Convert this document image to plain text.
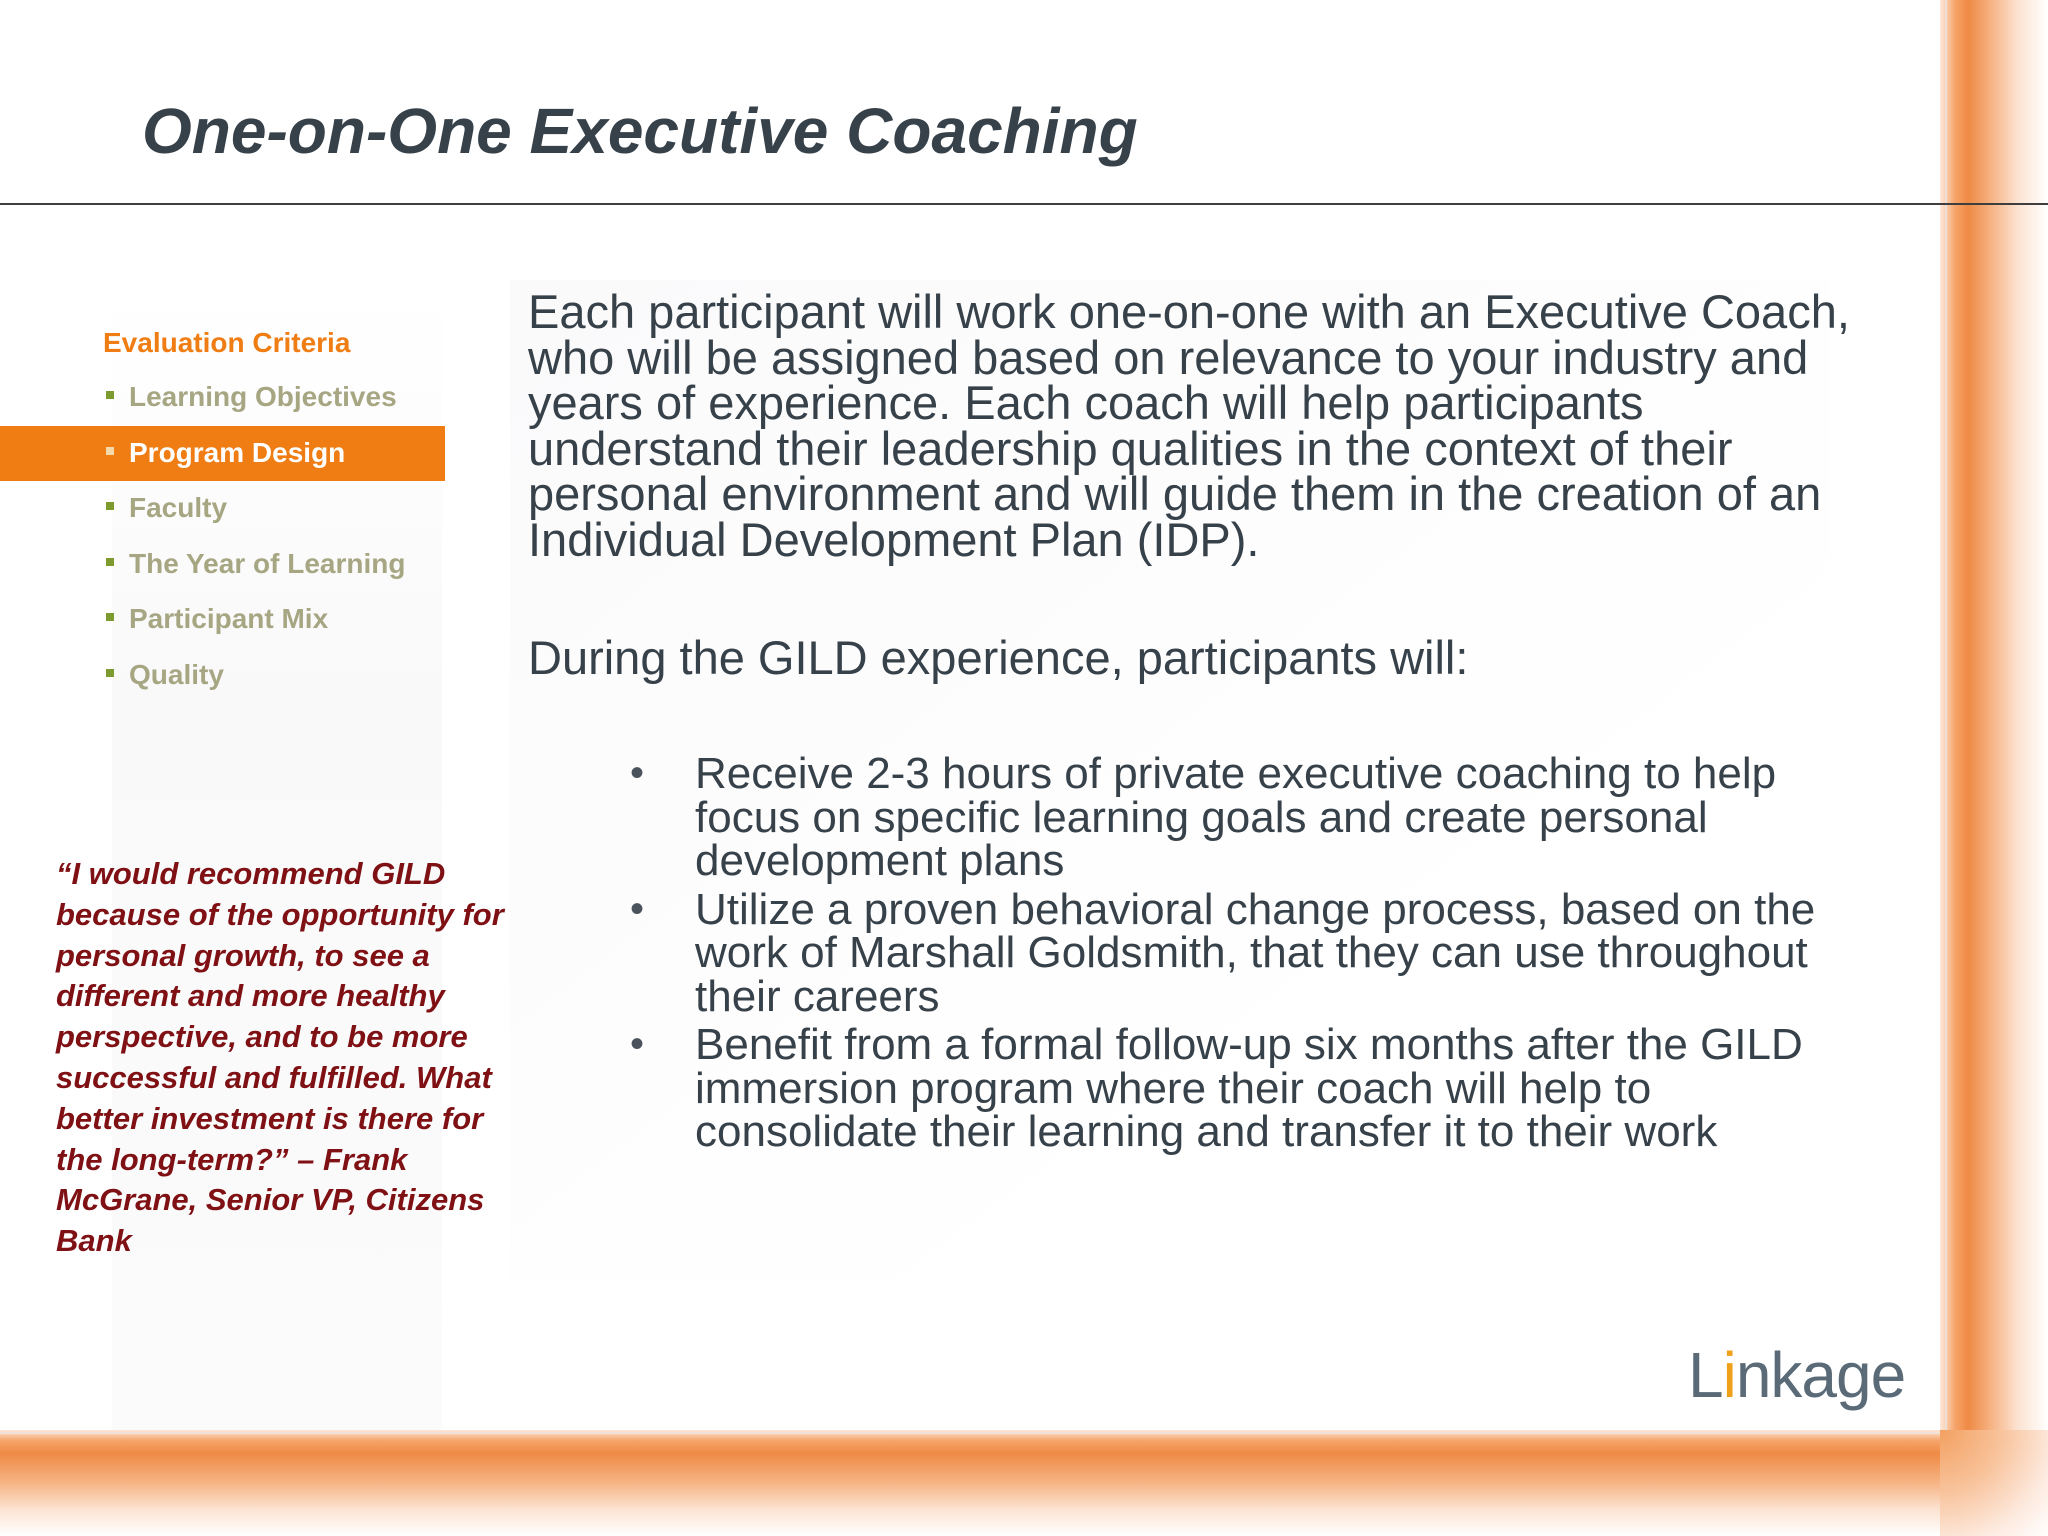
One-on-One Executive Coaching
Evaluation Criteria
Learning Objectives
Program Design
Faculty
The Year of Learning
Participant Mix
Quality

“I would recommend GILD because of the opportunity for personal growth, to see a different and more healthy perspective, and to be more successful and fulfilled. What better investment is there for the long-term?” – Frank McGrane, Senior VP, Citizens Bank

Each participant will work one-on-one with an Executive Coach, who will be assigned based on relevance to your industry and years of experience. Each coach will help participants understand their leadership qualities in the context of their personal environment and will guide them in the creation of an Individual Development Plan (IDP).

During the GILD experience, participants will:

• Receive 2-3 hours of private executive coaching to help focus on specific learning goals and create personal development plans
• Utilize a proven behavioral change process, based on the work of Marshall Goldsmith, that they can use throughout their careers
• Benefit from a formal follow-up six months after the GILD immersion program where their coach will help to consolidate their learning and transfer it to their work
Linkage
